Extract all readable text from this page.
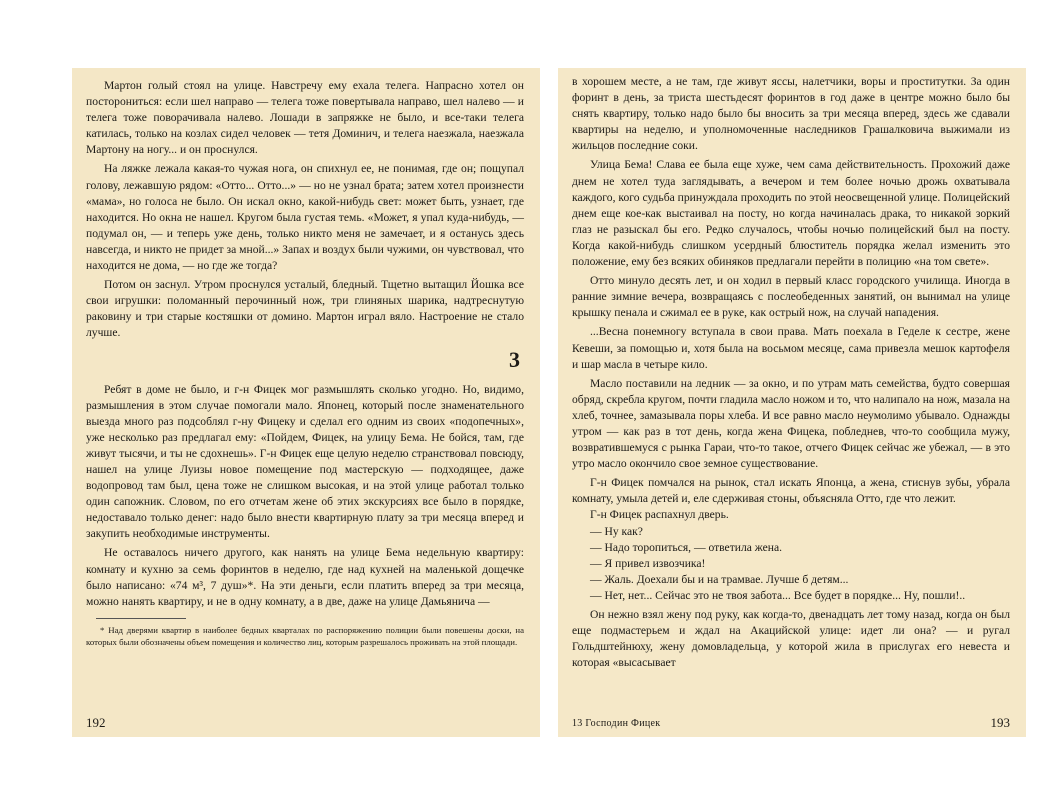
Мартон голый стоял на улице. Навстречу ему ехала телега. Напрасно хотел он посторониться: если шел направо — телега тоже повертывала направо, шел налево — и телега тоже поворачивала налево. Лошади в запряжке не было, и все-таки телега катилась, только на козлах сидел человек — тетя Доминич, и телега наезжала, наезжала Мартону на ногу... и он проснулся.

На ляжке лежала какая-то чужая нога, он спихнул ее, не понимая, где он; пощупал голову, лежавшую рядом: «Отто... Отто...» — но не узнал брата; затем хотел произнести «мама», но голоса не было. Он искал окно, какой-нибудь свет: может быть, узнает, где находится. Но окна не нашел. Кругом была густая темь. «Может, я упал куда-нибудь, — подумал он, — и теперь уже день, только никто меня не замечает, и я останусь здесь навсегда, и никто не придет за мной...» Запах и воздух были чужими, он чувствовал, что находится не дома, — но где же тогда?

Потом он заснул. Утром проснулся усталый, бледный. Тщетно вытащил Йошка все свои игрушки: поломанный перочинный нож, три глиняных шарика, надтреснутую раковину и три старые костяшки от домино. Мартон играл вяло. Настроение не стало лучше.

3

Ребят в доме не было, и г-н Фицек мог размышлять сколько угодно. Но, видимо, размышления в этом случае помогали мало. Японец, который после знаменательного выезда много раз подсоблял г-ну Фицеку и сделал его одним из своих «подопечных», уже несколько раз предлагал ему: «Пойдем, Фицек, на улицу Бема. Не бойся, там, где живут тысячи, и ты не сдохнешь». Г-н Фицек еще целую неделю странствовал повсюду, нашел на улице Луизы новое помещение под мастерскую — подходящее, даже водопровод там был, цена тоже не слишком высокая, и на этой улице работал только один сапожник. Словом, по его отчетам жене об этих экскурсиях все было в порядке, недоставало только денег: надо было внести квартирную плату за три месяца вперед и закупить необходимые инструменты.

Не оставалось ничего другого, как нанять на улице Бема недельную квартиру: комнату и кухню за семь форинтов в неделю, где над кухней на маленькой дощечке было написано: «74 м³, 7 душ»*. На эти деньги, если платить вперед за три месяца, можно нанять квартиру, и не в одну комнату, а в две, даже на улице Дамьянича —

* Над дверями квартир в наиболее бедных кварталах по распоряжению полиции были повешены доски, на которых были обозначены объем помещения и количество лиц, которым разрешалось проживать на этой площади.

192

в хорошем месте, а не там, где живут яссы, налетчики, воры и проститутки. За один форинт в день, за триста шестьдесят форинтов в год даже в центре можно было бы снять квартиру, только надо было бы вносить за три месяца вперед, здесь же сдавали квартиры на неделю, и уполномоченные наследников Грашалковича выжимали из жильцов последние соки.

Улица Бема! Слава ее была еще хуже, чем сама действительность. Прохожий даже днем не хотел туда заглядывать, а вечером и тем более ночью дрожь охватывала каждого, кого судьба принуждала проходить по этой неосвещенной улице. Полицейский днем еще кое-как выстаивал на посту, но когда начиналась драка, то никакой зоркий глаз не разыскал бы его. Редко случалось, чтобы ночью полицейский был на посту. Когда какой-нибудь слишком усердный блюститель порядка желал изменить это положение, ему без всяких обиняков предлагали перейти в полицию «на том свете».

Отто минуло десять лет, и он ходил в первый класс городского училища. Иногда в ранние зимние вечера, возвращаясь с послеобеденных занятий, он вынимал на улице крышку пенала и сжимал ее в руке, как острый нож, на случай нападения.

...Весна понемногу вступала в свои права. Мать поехала в Геделе к сестре, жене Кевеши, за помощью и, хотя была на восьмом месяце, сама привезла мешок картофеля и шар масла в четыре кило.

Масло поставили на ледник — за окно, и по утрам мать семейства, будто совершая обряд, скребла кругом, почти гладила масло ножом и то, что налипало на нож, мазала на хлеб, точнее, замазывала поры хлеба. И все равно масло неумолимо убывало. Однажды утром — как раз в тот день, когда жена Фицека, побледнев, что-то сообщила мужу, возвратившемуся с рынка Гараи, что-то такое, отчего Фицек сейчас же убежал, — в это утро масло окончило свое земное существование.

Г-н Фицек помчался на рынок, стал искать Японца, а жена, стиснув зубы, убрала комнату, умыла детей и, еле сдерживая стоны, объясняла Отто, где что лежит.

Г-н Фицек распахнул дверь.

— Ну как?

— Надо торопиться, — ответила жена.

— Я привел извозчика!

— Жаль. Доехали бы и на трамвае. Лучше б детям...

— Нет, нет... Сейчас это не твоя забота... Все будет в порядке... Ну, пошли!..

Он нежно взял жену под руку, как когда-то, двенадцать лет тому назад, когда он был еще подмастерьем и ждал на Акацийской улице: идет ли она? — и ругал Гольдштейнюху, жену домовладельца, у которой жила в прислугах его невеста и которая «высасывает

13 Господин Фицек	193
